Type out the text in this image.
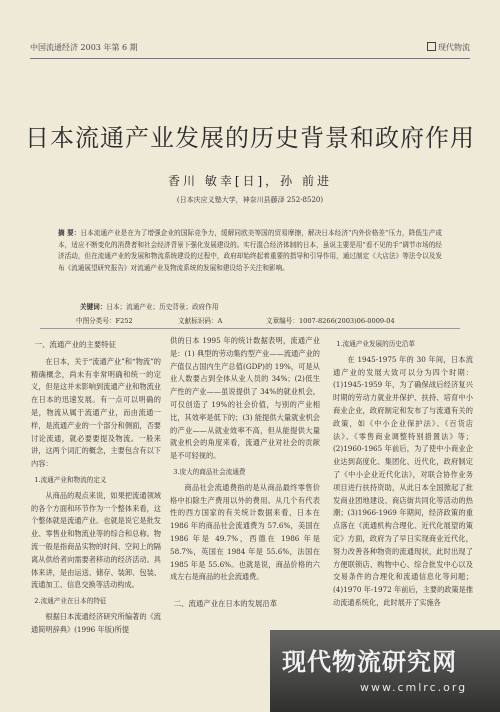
中国流通经济 2003 年第 6 期	现代物流
日本流通产业发展的历史背景和政府作用
香川 敏幸[日]，孙 前进
(日本庆应义塾大学，神奈川县藤泽 252-8520)
摘 要：日本流通产业是在为了增强企业的国际竞争力，缓解同欧美等国的贸易摩擦，解决日本经济“内外价格差”压力，降低生产成本，适应不断变化的消费者和社会经济背景下强化发展建设的。实行混合经济体制的日本，虽说主要是用“看不见的手”调节市场的经济活动，但在流通产业的发展和物流系统建设的过程中，政府却始终起着重要的指导和引导作用，通过制定《大店法》等法令以及发布《流通展望研究报告》对流通产业及物流系统的发展和建设给予关注和影响。
关键词：日本；流通产业；历史背景；政府作用
中图分类号：F252	文献标识码：A	文章编号：1007-8266(2003)06-0009-04
一、流通产业的主要特征

在日本，关于“流通产业”和“物流”的精确概念，尚未有非常明确和统一的定义，但是这并未影响到流通产业和物流业在日本的迅速发展。有一点可以明确的是，物流从属于流通产业，而由流通一样，是流通产业的一个部分和侧面，否要讨论流通，就必要要提及物流。一般来讲，这两个词汇的概念，主要包含有以下内容：

1.流通产业和物流的定义

从商品的观点来说，如果把流通领域的各个方面和环节作为一个整体来看，这个整体就是流通产业。也就是说它是批发业、零售业和物流业等的综合和总称。物流一般是指商品实物的时间、空间上的隔离从供给者向需要者移动的经济活动。具体来讲，是由运送、储存、装卸、包装、流通加工、信息交换等活动构成。

2.流通产业在日本的特征

根据日本流通经济研究所编著的《流通简明辞典》(1996 年版)所提

供的日本 1995 年的统计数据表明，流通产业是：(1) 典型的劳动集约型产业——流通产业的产值仅占国内生产总值(GDP)的 19%，可是从业人数要占到全体从业人员的 34%；(2)低生产性的产业——虽说提供了 34%的就业机会，可仅创造了 19%的社会价值，与别的产业相比，其效率是低下的；(3) 能提供大量就业机会的产业——从就业效率不高，但从能提供大量就业机会的角度来看，流通产业对社会的贡献是不可轻视的。

3.庞大的商品社会流通费

商品社会流通费指的是从商品最终零售价格中扣除生产费用以外的费用。从几个有代表性的西方国家的有关统计数据来看，日本在 1986 年的商品社会流通费为 57.6%，美国在 1986 年是 49.7%，西德在 1986 年是 58.7%，英国在 1984 年是 55.6%，法国在 1985 年是 55.6%。也就是说，商品价格的六成左右是商品的社会流通费。

二、流通产业在日本的发展沿革
1.流通产业发展的历史沿革

在 1945-1975 年的 30 年间，日本流通产业的发展大致可以分为四个时期：(1)1945-1959 年，为了确保战后经济复兴时期的劳动力就业并保护、扶持、培育中小商业企业，政府制定和发布了与流通有关的政策，如《中小企业保护法》、《百货店法》、《零售商业调整特别措置法》等；(2)1960-1965 年前后，为了使中小商业企业达到高度化、集团化、近代化，政府制定了《中小企业近代化法》，对联合协作业务项目进行扶持资助，从此日本全国掀起了批发商业团地建设、商店街共同化等活动的热潮；(3)1966-1969 年期间，经济政策的重点落在《流通机构合理化、近代化展望的策定》方面，政府为了早日实现商业近代化，努力改善各种物资的流通现状，此时出现了方便联锁店、购物中心、综合批发中心以及交易条件的合理化和流通信息化等问题；(4)1970 年-1972 年前后，主要的政策是推动流通系统化，此时展开了实施各

现代物流研究网
www.cmlrc.org
